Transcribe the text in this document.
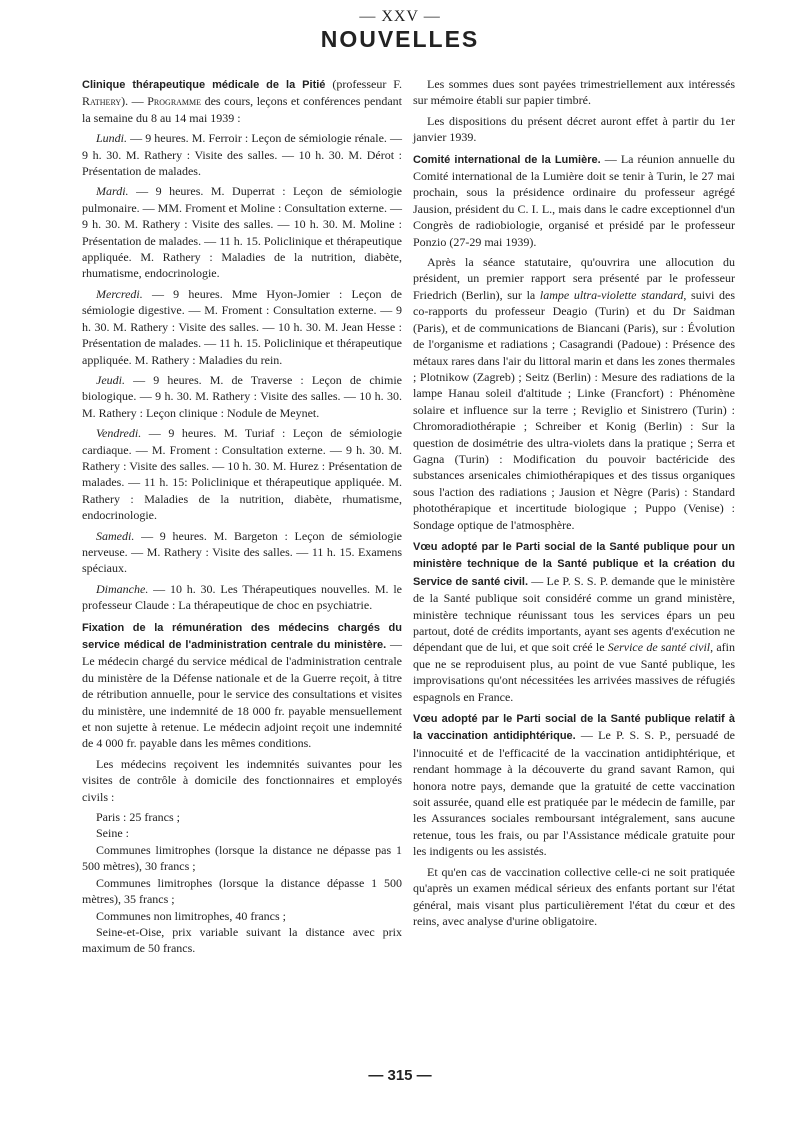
— XXV —
NOUVELLES

Clinique thérapeutique médicale de la Pitié (professeur F. Rathery). — Programme des cours, leçons et conférences pendant la semaine du 8 au 14 mai 1939 :

Lundi. — 9 heures. M. Ferroir : Leçon de sémiologie rénale. — 9 h. 30. M. Rathery : Visite des salles. — 10 h. 30. M. Dérot : Présentation de malades.

Mardi. — 9 heures. M. Duperrat : Leçon de sémiologie pulmonaire. — MM. Froment et Moline : Consultation externe. — 9 h. 30. M. Rathery : Visite des salles. — 10 h. 30. M. Moline : Présentation de malades. — 11 h. 15. Policlinique et thérapeutique appliquée. M. Rathery : Maladies de la nutrition, diabète, rhumatisme, endocrinologie.

Mercredi. — 9 heures. Mme Hyon-Jomier : Leçon de sémiologie digestive. — M. Froment : Consultation externe. — 9 h. 30. M. Rathery : Visite des salles. — 10 h. 30. M. Jean Hesse : Présentation de malades. — 11 h. 15. Policlinique et thérapeutique appliquée. M. Rathery : Maladies du rein.

Jeudi. — 9 heures. M. de Traverse : Leçon de chimie biologique. — 9 h. 30. M. Rathery : Visite des salles. — 10 h. 30. M. Rathery : Leçon clinique : Nodule de Meynet.

Vendredi. — 9 heures. M. Turiaf : Leçon de sémiologie cardiaque. — M. Froment : Consultation externe. — 9 h. 30. M. Rathery : Visite des salles. — 10 h. 30. M. Hurez : Présentation de malades. — 11 h. 15: Policlinique et thérapeutique appliquée. M. Rathery : Maladies de la nutrition, diabète, rhumatisme, endocrinologie.

Samedi. — 9 heures. M. Bargeton : Leçon de sémiologie nerveuse. — M. Rathery : Visite des salles. — 11 h. 15. Examens spéciaux.

Dimanche. — 10 h. 30. Les Thérapeutiques nouvelles. M. le professeur Claude : La thérapeutique de choc en psychiatrie.

Fixation de la rémunération des médecins chargés du service médical de l'administration centrale du ministère. — Le médecin chargé du service médical de l'administration centrale du ministère de la Défense nationale et de la Guerre reçoit, à titre de rétribution annuelle, pour le service des consultations et visites du ministère, une indemnité de 18 000 fr. payable mensuellement et non sujette à retenue. Le médecin adjoint reçoit une indemnité de 4 000 fr. payable dans les mêmes conditions.

Les médecins reçoivent les indemnités suivantes pour les visites de contrôle à domicile des fonctionnaires et employés civils :

Paris : 25 francs ;

Seine :

Communes limitrophes (lorsque la distance ne dépasse pas 1 500 mètres), 30 francs ;

Communes limitrophes (lorsque la distance dépasse 1 500 mètres), 35 francs ;

Communes non limitrophes, 40 francs ;

Seine-et-Oise, prix variable suivant la distance avec prix maximum de 50 francs.

Les sommes dues sont payées trimestriellement aux intéressés sur mémoire établi sur papier timbré.

Les dispositions du présent décret auront effet à partir du 1er janvier 1939.

Comité international de la Lumière. — La réunion annuelle du Comité international de la Lumière doit se tenir à Turin, le 27 mai prochain, sous la présidence ordinaire du professeur agrégé Jausion, président du C. I. L., mais dans le cadre exceptionnel d'un Congrès de radiobiologie, organisé et présidé par le professeur Ponzio (27-29 mai 1939).

Après la séance statutaire, qu'ouvrira une allocution du président, un premier rapport sera présenté par le professeur Friedrich (Berlin), sur la lampe ultra-violette standard, suivi des co-rapports du professeur Deagio (Turin) et du Dr Saidman (Paris), et de communications de Biancani (Paris), sur : Évolution de l'organisme et radiations ; Casagrandi (Padoue) : Présence des métaux rares dans l'air du littoral marin et dans les zones thermales ; Plotnikow (Zagreb) ; Seitz (Berlin) : Mesure des radiations de la lampe Hanau soleil d'altitude ; Linke (Francfort) : Phénomène solaire et influence sur la terre ; Reviglio et Sinistrero (Turin) : Chromoradiothérapie ; Schreiber et Konig (Berlin) : Sur la question de dosimétrie des ultra-violets dans la pratique ; Serra et Gagna (Turin) : Modification du pouvoir bactéricide des substances arsenicales chimiothérapiques et des tissus organiques sous l'action des radiations ; Jausion et Nègre (Paris) : Standard photothérapique et incertitude biologique ; Puppo (Venise) : Sondage optique de l'atmosphère.

Vœu adopté par le Parti social de la Santé publique pour un ministère technique de la Santé publique et la création du Service de santé civil. — Le P. S. S. P. demande que le ministère de la Santé publique soit considéré comme un grand ministère, ministère technique réunissant tous les services épars un peu partout, doté de crédits importants, ayant ses agents d'exécution ne dépendant que de lui, et que soit créé le Service de santé civil, afin que ne se reproduisent plus, au point de vue Santé publique, les improvisations qu'ont nécessitées les arrivées massives de réfugiés espagnols en France.

Vœu adopté par le Parti social de la Santé publique relatif à la vaccination antidiphtérique. — Le P. S. S. P., persuadé de l'innocuité et de l'efficacité de la vaccination antidiphtérique, et rendant hommage à la découverte du grand savant Ramon, qui honora notre pays, demande que la gratuité de cette vaccination soit assurée, quand elle est pratiquée par le médecin de famille, par les Assurances sociales remboursant intégralement, sans aucune retenue, tous les frais, ou par l'Assistance médicale gratuite pour les indigents ou les assistés.

Et qu'en cas de vaccination collective celle-ci ne soit pratiquée qu'après un examen médical sérieux des enfants portant sur l'état général, mais visant plus particulièrement l'état du cœur et des reins, avec analyse d'urine obligatoire.

— 315 —
